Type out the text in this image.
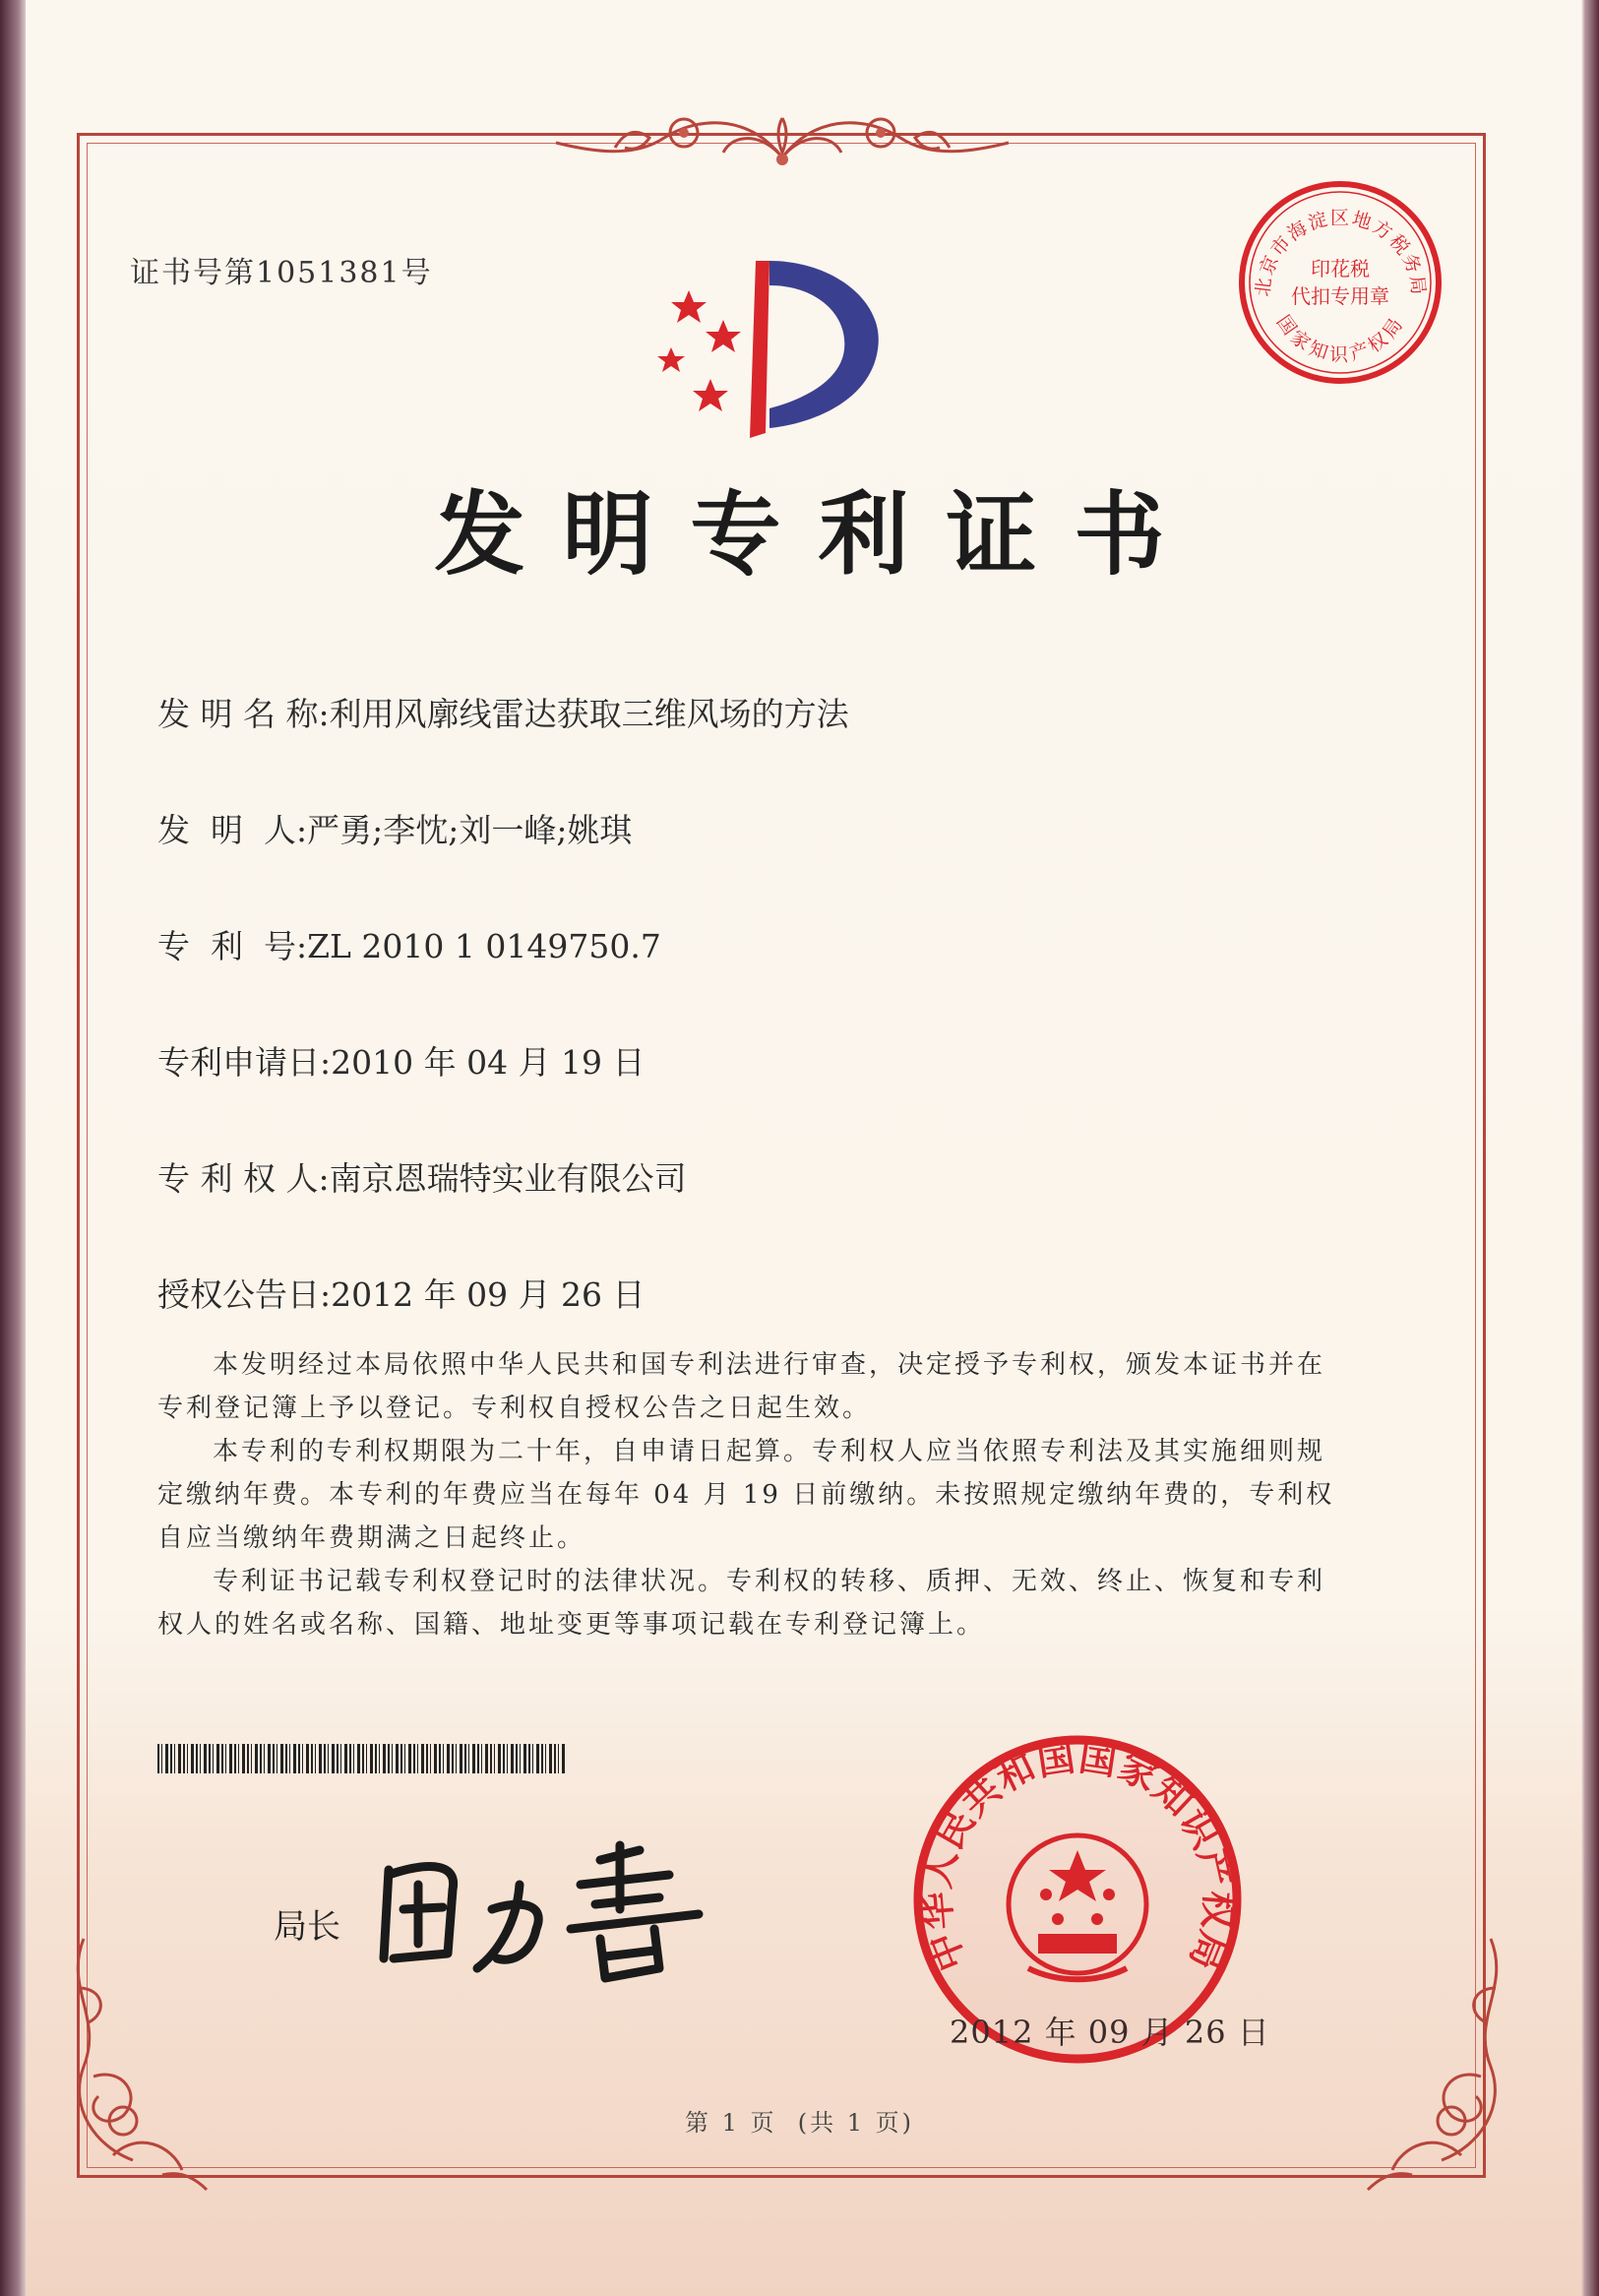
证书号第1051381号	北京市海淀区地方税务局
国家知识产权局
印花税
代扣专用章
发明专利证书
发 明 名 称:利用风廓线雷达获取三维风场的方法
发  明  人:严勇;李忱;刘一峰;姚琪
专  利  号:ZL 2010 1 0149750.7
专利申请日:2010 年 04 月 19 日
专 利 权 人:南京恩瑞特实业有限公司
授权公告日:2012 年 09 月 26 日

本发明经过本局依照中华人民共和国专利法进行审查，决定授予专利权，颁发本证书并在专利登记簿上予以登记。专利权自授权公告之日起生效。

本专利的专利权期限为二十年，自申请日起算。专利权人应当依照专利法及其实施细则规定缴纳年费。本专利的年费应当在每年 04 月 19 日前缴纳。未按照规定缴纳年费的，专利权自应当缴纳年费期满之日起终止。

专利证书记载专利权登记时的法律状况。专利权的转移、质押、无效、终止、恢复和专利权人的姓名或名称、国籍、地址变更等事项记载在专利登记簿上。

局长	中华人民共和国国家知识产权局
2012 年 09 月 26 日
第 1 页  (共 1 页)
